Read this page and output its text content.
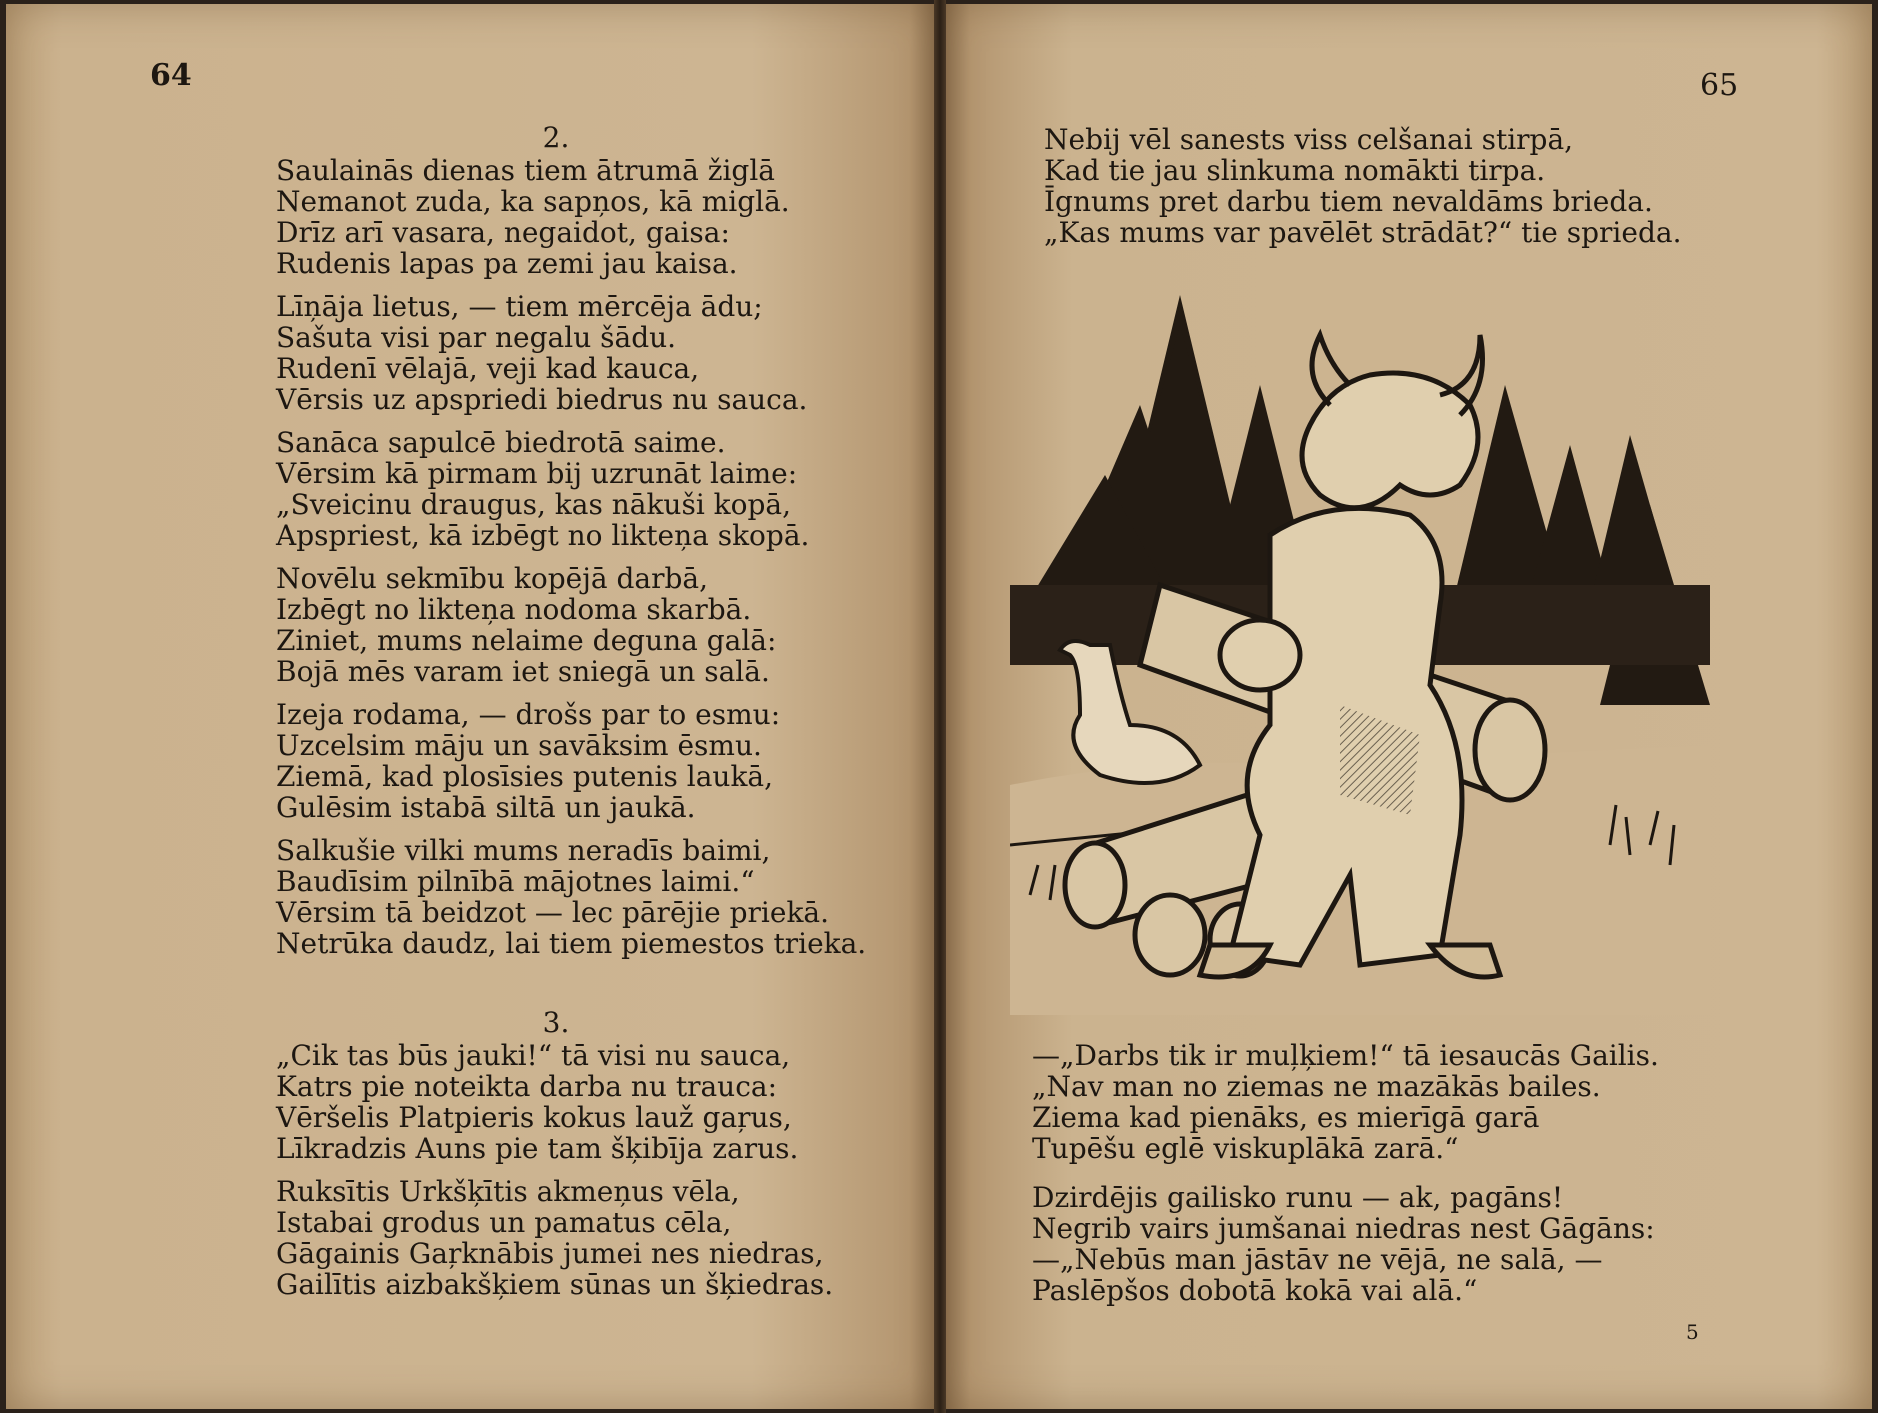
64	65
5
2.
Saulainās dienas tiem ātrumā žiglā
Nemanot zuda, ka sapņos, kā miglā.
Drīz arī vasara, negaidot, gaisa:
Rudenis lapas pa zemi jau kaisa.
Līņāja lietus, — tiem mērcēja ādu;
Sašuta visi par negalu šādu.
Rudenī vēlajā, veji kad kauca,
Vērsis uz apspriedi biedrus nu sauca.
Sanāca sapulcē biedrotā saime.
Vērsim kā pirmam bij uzrunāt laime:
„Sveicinu draugus, kas nākuši kopā,
Apspriest, kā izbēgt no likteņa skopā.
Novēlu sekmību kopējā darbā,
Izbēgt no likteņa nodoma skarbā.
Ziniet, mums nelaime deguna galā:
Bojā mēs varam iet sniegā un salā.
Izeja rodama, — drošs par to esmu:
Uzcelsim māju un savāksim ēsmu.
Ziemā, kad plosīsies putenis laukā,
Gulēsim istabā siltā un jaukā.
Salkušie vilki mums neradīs baimi,
Baudīsim pilnībā mājotnes laimi.“
Vērsim tā beidzot — lec pārējie priekā.
Netrūka daudz, lai tiem piemestos trieka.
3.
„Cik tas būs jauki!“ tā visi nu sauca,
Katrs pie noteikta darba nu trauca:
Vēršelis Platpieris kokus lauž gaŗus,
Līkradzis Auns pie tam šķibīja zarus.
Ruksītis Urkšķītis akmeņus vēla,
Istabai grodus un pamatus cēla,
Gāgainis Gaŗknābis jumei nes niedras,
Gailītis aizbakšķiem sūnas un šķiedras.
Nebij vēl sanests viss celšanai stirpā,
Kad tie jau slinkuma nomākti tirpa.
Īgnums pret darbu tiem nevaldāms brieda.
„Kas mums var pavēlēt strādāt?“ tie sprieda.
—„Darbs tik ir muļķiem!“ tā iesaucās Gailis.
„Nav man no ziemas ne mazākās bailes.
Ziema kad pienāks, es mierīgā garā
Tupēšu eglē viskuplākā zarā.“
Dzirdējis gailisko runu — ak, pagāns!
Negrib vairs jumšanai niedras nest Gāgāns:
—„Nebūs man jāstāv ne vējā, ne salā, —
Paslēpšos dobotā kokā vai alā.“
